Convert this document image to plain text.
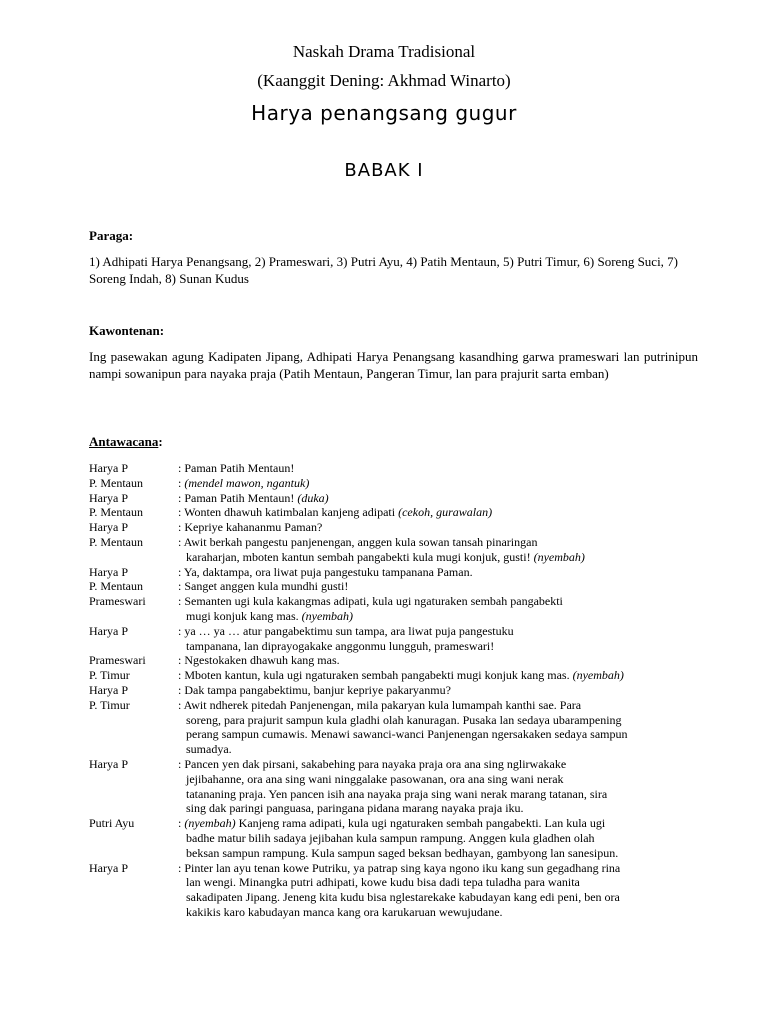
Naskah Drama Tradisional
(Kaanggit Dening: Akhmad Winarto)
Harya penangsang gugur
BABAK I
Paraga:
1) Adhipati Harya Penangsang, 2) Prameswari, 3) Putri Ayu, 4) Patih Mentaun, 5) Putri Timur, 6) Soreng Suci, 7) Soreng Indah, 8) Sunan Kudus
Kawontenan:
Ing pasewakan agung Kadipaten Jipang, Adhipati Harya Penangsang kasandhing garwa prameswari lan putrinipun nampi sowanipun para nayaka praja (Patih Mentaun, Pangeran Timur, lan para prajurit sarta emban)
Antawacana:
Harya P	: Paman Patih Mentaun!
P. Mentaun	: (mendel mawon, ngantuk)
Harya P	: Paman Patih Mentaun! (duka)
P. Mentaun	: Wonten dhawuh katimbalan kanjeng adipati (cekoh, gurawalan)
Harya P	: Kepriye kahananmu Paman?
P. Mentaun	: Awit berkah pangestu panjenengan, anggen kula sowan tansah pinaringan
karaharjan, mboten kantun sembah pangabekti kula mugi konjuk, gusti! (nyembah)
Harya P	: Ya, daktampa, ora liwat puja pangestuku tampanana Paman.
P. Mentaun	: Sanget anggen kula mundhi gusti!
Prameswari	: Semanten ugi kula kakangmas adipati, kula ugi ngaturaken sembah pangabekti
mugi konjuk kang mas. (nyembah)
Harya P	: ya … ya … atur pangabektimu sun tampa, ara liwat puja pangestuku
tampanana, lan diprayogakake anggonmu lungguh, prameswari!
Prameswari	: Ngestokaken dhawuh kang mas.
P. Timur	: Mboten kantun, kula ugi ngaturaken sembah pangabekti mugi konjuk kang mas. (nyembah)
Harya P	: Dak tampa pangabektimu, banjur kepriye pakaryanmu?
P. Timur	: Awit ndherek pitedah Panjenengan, mila pakaryan kula lumampah kanthi sae. Para
soreng, para prajurit sampun kula gladhi olah kanuragan. Pusaka lan sedaya ubarampening
perang sampun cumawis. Menawi sawanci-wanci Panjenengan ngersakaken sedaya sampun
sumadya.
Harya P	: Pancen yen dak pirsani, sakabehing para nayaka praja ora ana sing nglirwakake
jejibahanne, ora ana sing wani ninggalake pasowanan, ora ana sing wani nerak
tatananing praja. Yen pancen isih ana nayaka praja sing wani nerak marang tatanan, sira
sing dak paringi panguasa, paringana pidana marang nayaka praja iku.
Putri Ayu	: (nyembah) Kanjeng rama adipati, kula ugi ngaturaken sembah pangabekti. Lan kula ugi
badhe matur bilih sadaya jejibahan kula sampun rampung. Anggen kula gladhen olah
beksan sampun rampung. Kula sampun saged beksan bedhayan, gambyong lan sanesipun.
Harya P	: Pinter lan ayu tenan kowe Putriku, ya patrap sing kaya ngono iku kang sun gegadhang rina
lan wengi. Minangka putri adhipati, kowe kudu bisa dadi tepa tuladha para wanita
sakadipaten Jipang. Jeneng kita kudu bisa nglestarekake kabudayan kang edi peni, ben ora
kakikis karo kabudayan manca kang ora karukaruan wewujudane.
